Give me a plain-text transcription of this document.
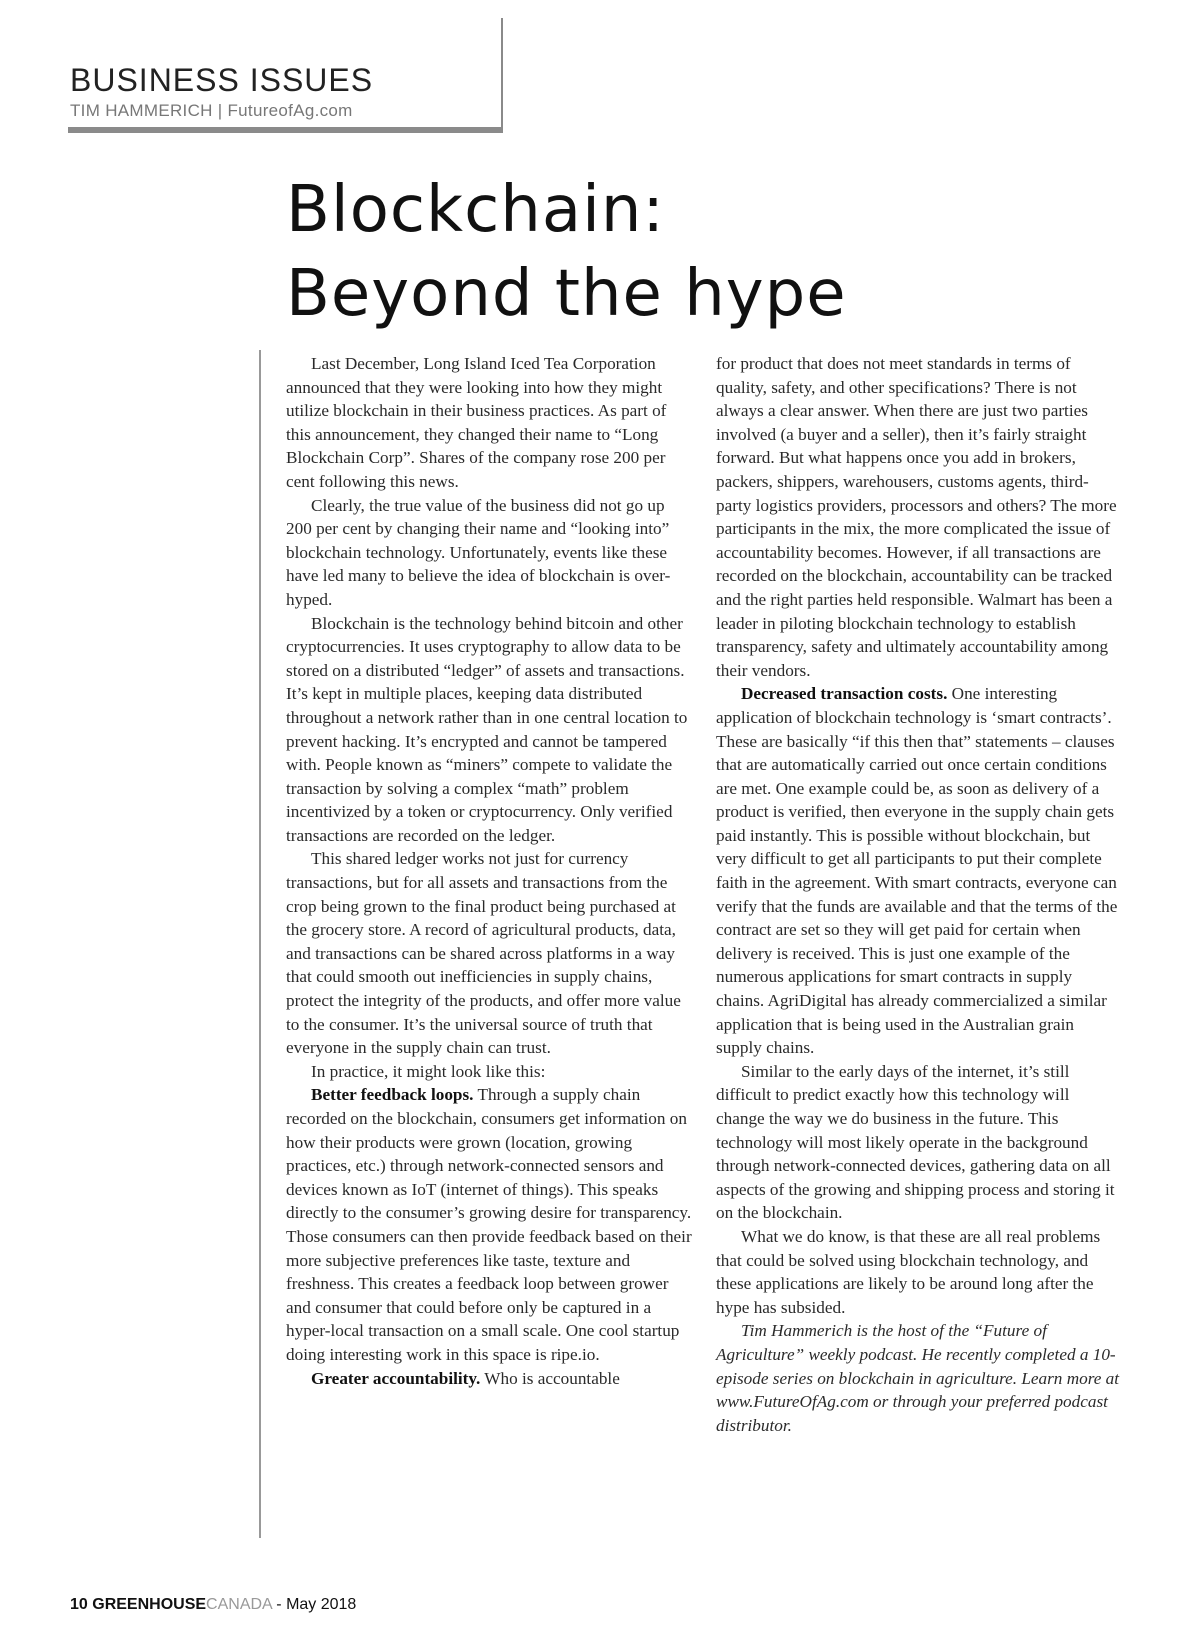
BUSINESS ISSUES
TIM HAMMERICH | FutureofAg.com
Blockchain:
Beyond the hype

Last December, Long Island Iced Tea Corporation announced that they were looking into how they might utilize blockchain in their business practices. As part of this announcement, they changed their name to “Long Blockchain Corp”. Shares of the company rose 200 per cent following this news.

Clearly, the true value of the business did not go up 200 per cent by changing their name and “looking into” blockchain technology. Unfortunately, events like these have led many to believe the idea of blockchain is over-hyped.

Blockchain is the technology behind bitcoin and other cryptocurrencies. It uses cryptography to allow data to be stored on a distributed “ledger” of assets and transactions. It’s kept in multiple places, keeping data distributed throughout a network rather than in one central location to prevent hacking. It’s encrypted and cannot be tampered with. People known as “miners” compete to validate the transaction by solving a complex “math” problem incentivized by a token or cryptocurrency. Only verified transactions are recorded on the ledger.

This shared ledger works not just for currency transactions, but for all assets and transactions from the crop being grown to the final product being purchased at the grocery store. A record of agricultural products, data, and transactions can be shared across platforms in a way that could smooth out inefficiencies in supply chains, protect the integrity of the products, and offer more value to the consumer. It’s the universal source of truth that everyone in the supply chain can trust.

In practice, it might look like this:

Better feedback loops. Through a supply chain recorded on the blockchain, consumers get information on how their products were grown (location, growing practices, etc.) through network-connected sensors and devices known as IoT (internet of things). This speaks directly to the consumer’s growing desire for transparency. Those consumers can then provide feedback based on their more subjective preferences like taste, texture and freshness. This creates a feedback loop between grower and consumer that could before only be captured in a hyper-local transaction on a small scale. One cool startup doing interesting work in this space is ripe.io.

Greater accountability. Who is accountable

for product that does not meet standards in terms of quality, safety, and other specifications? There is not always a clear answer. When there are just two parties involved (a buyer and a seller), then it’s fairly straight forward. But what happens once you add in brokers, packers, shippers, warehousers, customs agents, third-party logistics providers, processors and others? The more participants in the mix, the more complicated the issue of accountability becomes. However, if all transactions are recorded on the blockchain, accountability can be tracked and the right parties held responsible. Walmart has been a leader in piloting blockchain technology to establish transparency, safety and ultimately accountability among their vendors.

Decreased transaction costs. One interesting application of blockchain technology is ‘smart contracts’. These are basically “if this then that” statements – clauses that are automatically carried out once certain conditions are met. One example could be, as soon as delivery of a product is verified, then everyone in the supply chain gets paid instantly. This is possible without blockchain, but very difficult to get all participants to put their complete faith in the agreement. With smart contracts, everyone can verify that the funds are available and that the terms of the contract are set so they will get paid for certain when delivery is received. This is just one example of the numerous applications for smart contracts in supply chains. AgriDigital has already commercialized a similar application that is being used in the Australian grain supply chains.

Similar to the early days of the internet, it’s still difficult to predict exactly how this technology will change the way we do business in the future. This technology will most likely operate in the background through network-connected devices, gathering data on all aspects of the growing and shipping process and storing it on the blockchain.

What we do know, is that these are all real problems that could be solved using blockchain technology, and these applications are likely to be around long after the hype has subsided.

Tim Hammerich is the host of the “Future of Agriculture” weekly podcast. He recently completed a 10-episode series on blockchain in agriculture. Learn more at www.FutureOfAg.com or through your preferred podcast distributor.

10 GREENHOUSECANADA - May 2018
